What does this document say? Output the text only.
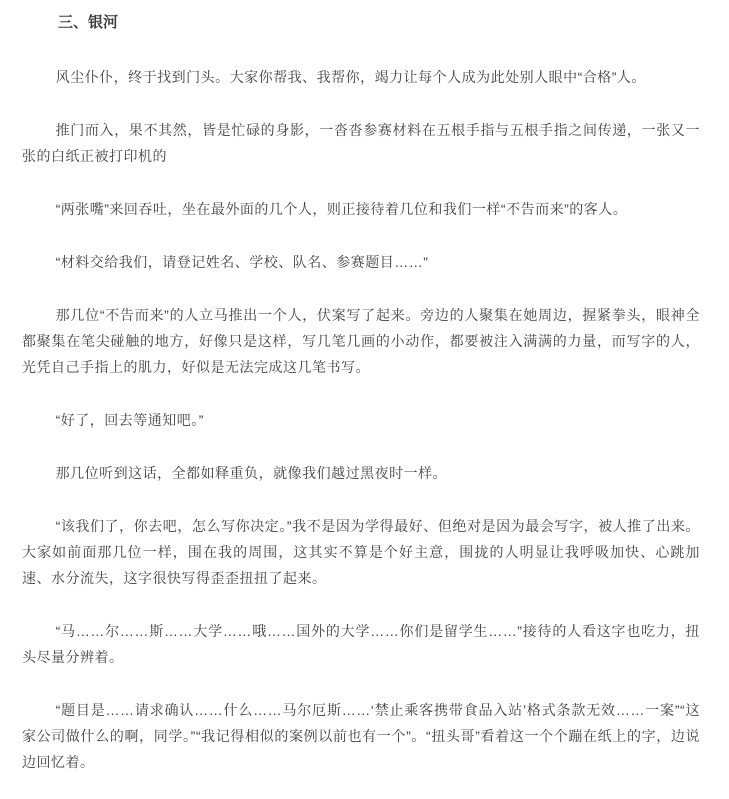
三、银河

风尘仆仆，终于找到门头。大家你帮我、我帮你，竭力让每个人成为此处别人眼中“合格”人。

推门而入，果不其然，皆是忙碌的身影，一沓沓参赛材料在五根手指与五根手指之间传递，一张又一张的白纸正被打印机的

“两张嘴”来回吞吐，坐在最外面的几个人，则正接待着几位和我们一样“不告而来”的客人。

“材料交给我们，请登记姓名、学校、队名、参赛题目……”

那几位“不告而来”的人立马推出一个人，伏案写了起来。旁边的人聚集在她周边，握紧拳头，眼神全都聚集在笔尖碰触的地方，好像只是这样，写几笔几画的小动作，都要被注入满满的力量，而写字的人，光凭自己手指上的肌力，好似是无法完成这几笔书写。

“好了，回去等通知吧。”

那几位听到这话，全都如释重负，就像我们越过黑夜时一样。

“该我们了，你去吧，怎么写你决定。”我不是因为学得最好、但绝对是因为最会写字，被人推了出来。大家如前面那几位一样，围在我的周围，这其实不算是个好主意，围拢的人明显让我呼吸加快、心跳加速、水分流失，这字很快写得歪歪扭扭了起来。

“马……尔……斯……大学……哦……国外的大学……你们是留学生……”接待的人看这字也吃力，扭头尽量分辨着。

“题目是……请求确认……什么……马尔厄斯……‘禁止乘客携带食品入站’格式条款无效……一案”“这家公司做什么的啊，同学。”“我记得相似的案例以前也有一个”。“扭头哥”看着这一个个蹦在纸上的字，边说边回忆着。
